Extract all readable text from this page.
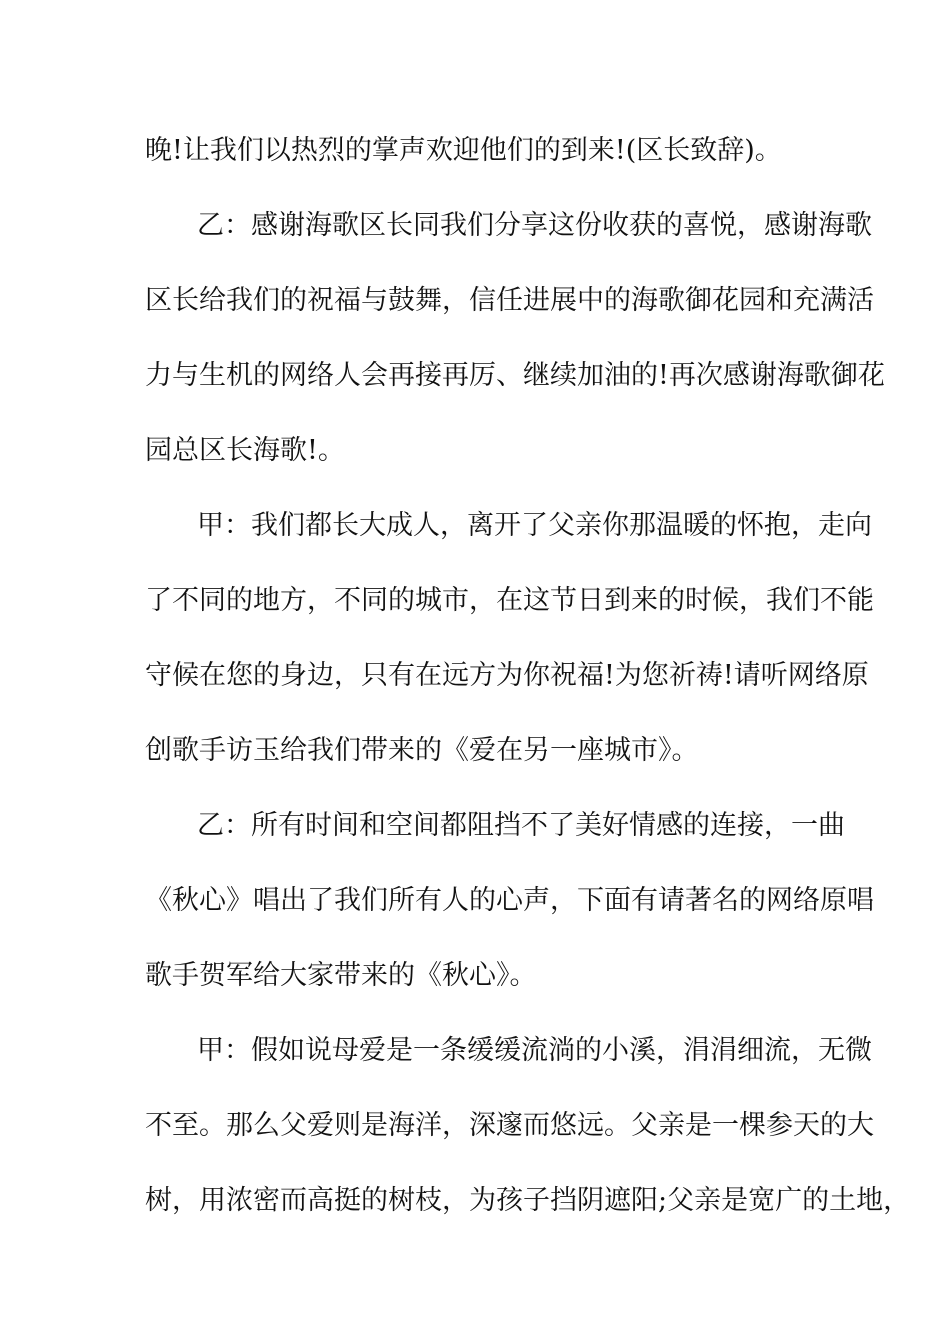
晚!让我们以热烈的掌声欢迎他们的到来!(区长致辞)。
乙：感谢海歌区长同我们分享这份收获的喜悦，感谢海歌
区长给我们的祝福与鼓舞，信任进展中的海歌御花园和充满活
力与生机的网络人会再接再厉、继续加油的!再次感谢海歌御花
园总区长海歌!。
甲：我们都长大成人，离开了父亲你那温暖的怀抱，走向
了不同的地方，不同的城市，在这节日到来的时候，我们不能
守候在您的身边，只有在远方为你祝福!为您祈祷!请听网络原
创歌手访玉给我们带来的《爱在另一座城市》。
乙：所有时间和空间都阻挡不了美好情感的连接，一曲
《秋心》唱出了我们所有人的心声，下面有请著名的网络原唱
歌手贺军给大家带来的《秋心》。
甲：假如说母爱是一条缓缓流淌的小溪，涓涓细流，无微
不至。那么父爱则是海洋，深邃而悠远。父亲是一棵参天的大
树，用浓密而高挺的树枝，为孩子挡阴遮阳;父亲是宽广的土地，
